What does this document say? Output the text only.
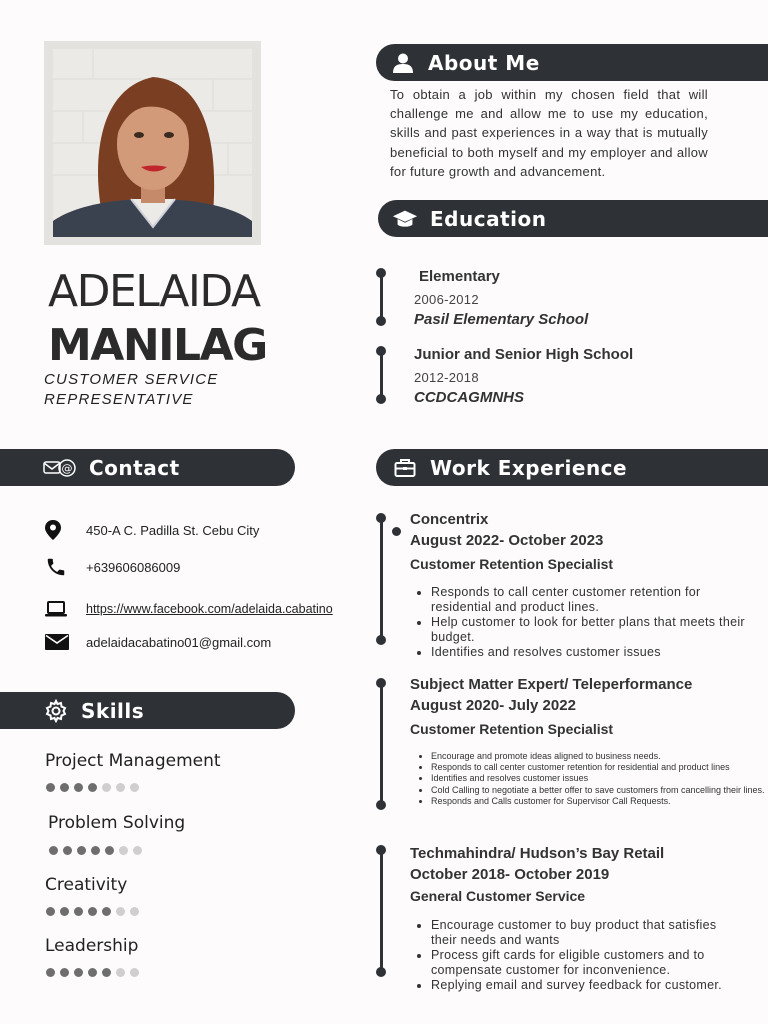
ADELAIDA
MANILAG
CUSTOMER SERVICE REPRESENTATIVE
About Me
To obtain a job within my chosen field that will challenge me and allow me to use my education, skills and past experiences in a way that is mutually beneficial to both myself and my employer and allow for future growth and advancement.
Education
Elementary
2006-2012
Pasil Elementary School
Junior and Senior High School
2012-2018
CCDCAGMNHS
@ Contact
450-A C. Padilla St. Cebu City
+639606086009
https://www.facebook.com/adelaida.cabatino
adelaidacabatino01@gmail.com
Skills
Project Management
Problem Solving
Creativity
Leadership
Work Experience
Concentrix
August 2022- October 2023
Customer Retention Specialist
• Responds to call center customer retention for residential and product lines.
• Help customer to look for better plans that meets their budget.
• Identifies and resolves customer issues
Subject Matter Expert/ Teleperformance
August 2020- July 2022
Customer Retention Specialist
• Encourage and promote ideas aligned to business needs.
• Responds to call center customer retention for residential and product lines
• Identifies and resolves customer issues
• Cold Calling to negotiate a better offer to save customers from cancelling their lines.
• Responds and Calls customer for Supervisor Call Requests.
Techmahindra/ Hudson’s Bay Retail
October 2018- October 2019
General Customer Service
• Encourage customer to buy product that satisfies their needs and wants
• Process gift cards for eligible customers and to compensate customer for inconvenience.
• Replying email and survey feedback for customer.
